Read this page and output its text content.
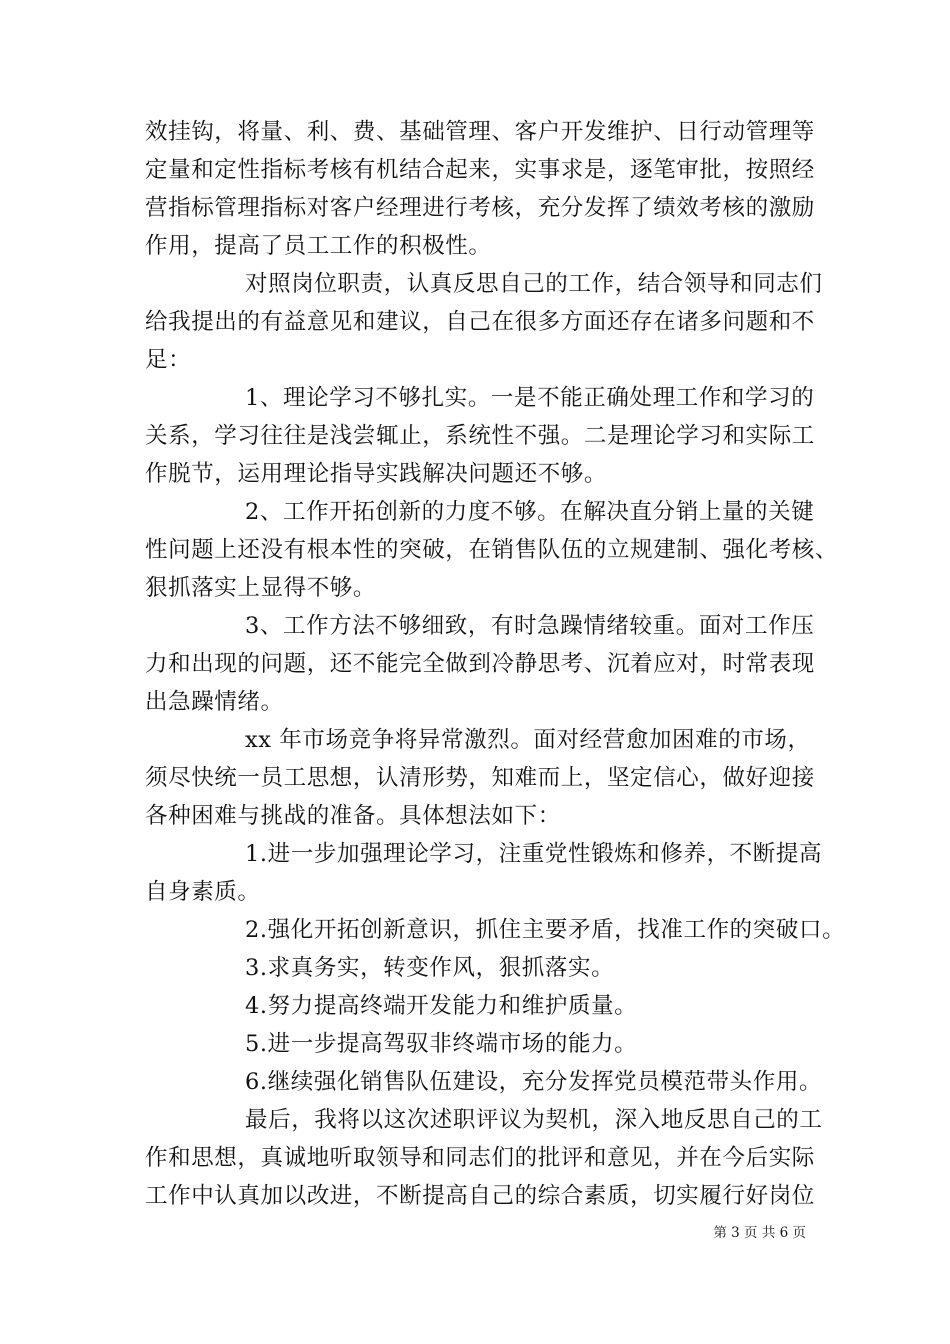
效挂钩，将量、利、费、基础管理、客户开发维护、日行动管理等
定量和定性指标考核有机结合起来，实事求是，逐笔审批，按照经
营指标管理指标对客户经理进行考核，充分发挥了绩效考核的激励
作用，提高了员工工作的积极性。
对照岗位职责，认真反思自己的工作，结合领导和同志们
给我提出的有益意见和建议，自己在很多方面还存在诸多问题和不
足：
1、理论学习不够扎实。一是不能正确处理工作和学习的
关系，学习往往是浅尝辄止，系统性不强。二是理论学习和实际工
作脱节，运用理论指导实践解决问题还不够。
2、工作开拓创新的力度不够。在解决直分销上量的关键
性问题上还没有根本性的突破，在销售队伍的立规建制、强化考核、
狠抓落实上显得不够。
3、工作方法不够细致，有时急躁情绪较重。面对工作压
力和出现的问题，还不能完全做到冷静思考、沉着应对，时常表现
出急躁情绪。
xx 年市场竞争将异常激烈。面对经营愈加困难的市场，
须尽快统一员工思想，认清形势，知难而上，坚定信心，做好迎接
各种困难与挑战的准备。具体想法如下：
1.进一步加强理论学习，注重党性锻炼和修养，不断提高
自身素质。
2.强化开拓创新意识，抓住主要矛盾，找准工作的突破口。
3.求真务实，转变作风，狠抓落实。
4.努力提高终端开发能力和维护质量。
5.进一步提高驾驭非终端市场的能力。
6.继续强化销售队伍建设，充分发挥党员模范带头作用。
最后，我将以这次述职评议为契机，深入地反思自己的工
作和思想，真诚地听取领导和同志们的批评和意见，并在今后实际
工作中认真加以改进，不断提高自己的综合素质，切实履行好岗位
第 3 页 共 6 页
